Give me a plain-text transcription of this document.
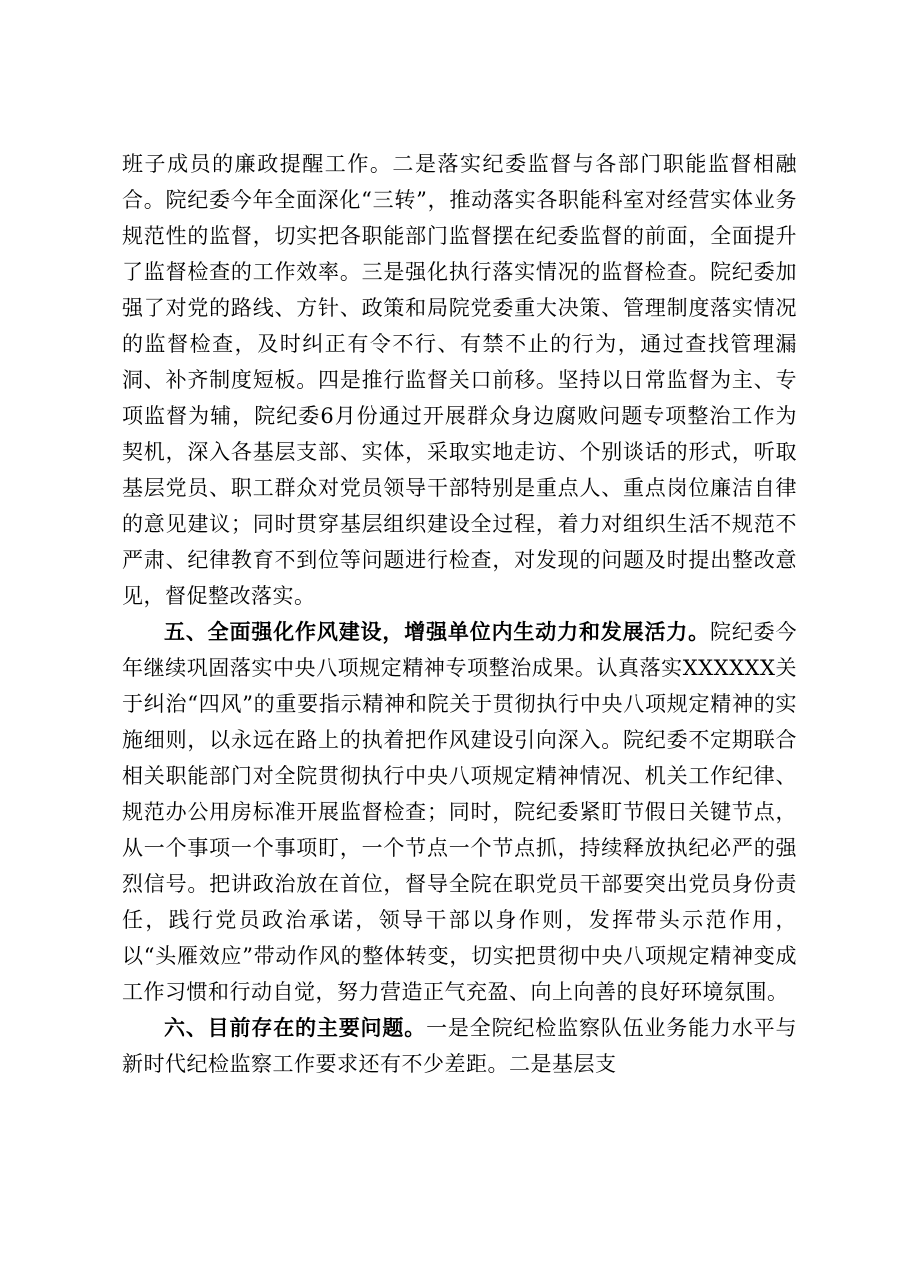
班子成员的廉政提醒工作。二是落实纪委监督与各部门职能监督相融合。院纪委今年全面深化“三转”，推动落实各职能科室对经营实体业务规范性的监督，切实把各职能部门监督摆在纪委监督的前面，全面提升了监督检查的工作效率。三是强化执行落实情况的监督检查。院纪委加强了对党的路线、方针、政策和局院党委重大决策、管理制度落实情况的监督检查，及时纠正有令不行、有禁不止的行为，通过查找管理漏洞、补齐制度短板。四是推行监督关口前移。坚持以日常监督为主、专项监督为辅，院纪委6月份通过开展群众身边腐败问题专项整治工作为契机，深入各基层支部、实体，采取实地走访、个别谈话的形式，听取基层党员、职工群众对党员领导干部特别是重点人、重点岗位廉洁自律的意见建议；同时贯穿基层组织建设全过程，着力对组织生活不规范不严肃、纪律教育不到位等问题进行检查，对发现的问题及时提出整改意见，督促整改落实。

五、全面强化作风建设，增强单位内生动力和发展活力。院纪委今年继续巩固落实中央八项规定精神专项整治成果。认真落实XXXXXX关于纠治“四风”的重要指示精神和院关于贯彻执行中央八项规定精神的实施细则，以永远在路上的执着把作风建设引向深入。院纪委不定期联合相关职能部门对全院贯彻执行中央八项规定精神情况、机关工作纪律、规范办公用房标准开展监督检查；同时，院纪委紧盯节假日关键节点，从一个事项一个事项盯，一个节点一个节点抓，持续释放执纪必严的强烈信号。把讲政治放在首位，督导全院在职党员干部要突出党员身份责任，践行党员政治承诺，领导干部以身作则，发挥带头示范作用，以“头雁效应”带动作风的整体转变，切实把贯彻中央八项规定精神变成工作习惯和行动自觉，努力营造正气充盈、向上向善的良好环境氛围。

六、目前存在的主要问题。一是全院纪检监察队伍业务能力水平与新时代纪检监察工作要求还有不少差距。二是基层支
